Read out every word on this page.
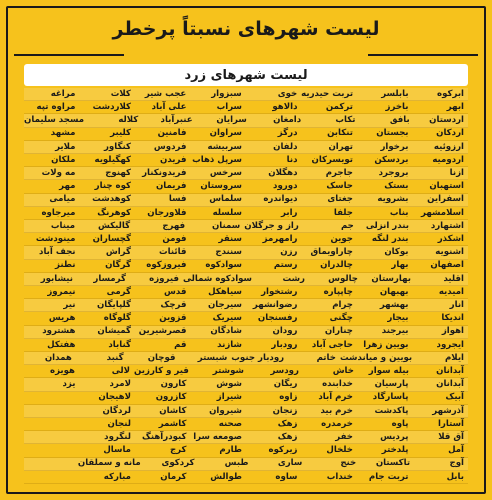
لیست شهرهای نسبتاً پرخطر
لیست شهرهای زرد
ابرکوه
بابلسر
تربت حیدریه
خوی
سبزوار
عجب شیر
کلات
مراغه
ابهر
باخرز
ترکمن
دالاهو
سراب
علی آباد
کلاردشت
مراوه تپه
اردستان
بافق
تکاب
دامغان
سرایان
عنبرآباد
کلاله
مسجد سلیمان
اردکان
بجستان
تنکابن
درگز
سراوان
فامنین
کلیبر
مشهد
ارزوئیه
برخوار
تهران
دلفان
سربیشه
فردوس
کنگاور
ملایر
اردومیه
بردسکن
تویسرکان
دنا
سرپل ذهاب
فریدن
کهگیلویه
ملکان
ازنا
بروجرد
جاجرم
دهگلان
سرخس
فریدونکنار
کهنوج
مه ولات
استهبان
بستک
جاسک
دورود
سروستان
فریمان
کوه چنار
مهر
اسفراین
بشرویه
جغتای
دیواندره
سلماس
فسا
کوهدشت
میامی
اسلامشهر
بناب
جلفا
رابر
سلسله
فلاورجان
کوهرنگ
میرجاوه
اشتهارد
بندر انزلی
جم
راز و جرگلان
سمنان
فهرج
گالیکش
میناب
اشکذر
بندر لنگه
جوین
رامهرمز
سنقر
فومن
گچساران
مینودشت
اشنویه
بوکان
چاراویماق
رزن
سنندج
قائنات
گراش
نجف آباد
اصفهان
بهار
چالدران
رستم
سوادکوه
فیروزکوه
گرگان
نطنز
اقلید
بهارستان
چالوس
رشت
سوادکوه شمالی
فیروزه
گرمسار
نیشابور
امیدیه
بهبهان
چاپپاره
رشتخوار
سیاهکل
قدس
گرمی
نیمروز
انار
بهشهر
چرام
رضوانشهر
سیرجان
قرچک
گلپایگان
نیر
اندیکا
بیجار
چگنی
رفسنجان
سیریک
قزوین
گلوگاه
هریس
اهواز
بیرجند
چناران
رودان
شادگان
قصرشیرین
گمیشان
هشترود
ایجرود
بویین زهرا
حاجی آباد
رودبار
شازند
قم
گناباد
هفتکل
ایلام
بویین و میاندشت
خاتم
رودبار جنوب
شبستر
قوچان
گنبد
همدان
آبدانان
بیله سوار
خاش
رودسر
شوشتر
قیر و کارزین
لالی
هویزه
آبدانان
پارسیان
خدابنده
ریگان
شوش
کارون
لامرد
یزد
آبیک
پاسارگاد
خرم آباد
زاوه
شیراز
کازرون
لاهیجان
آذرشهر
پاکدشت
خرم بید
زنجان
شیروان
کاشان
لردگان
آستارا
پاوه
خرمدره
زهک
صحنه
کاشمر
لنجان
آق قلا
پردیس
خفر
زهک
صومعه سرا
کبودرآهنگ
لنگرود
آمل
پلدختر
خلخال
زیرکوه
طارم
کرج
ماسال
آوج
تاکستان
خنج
ساری
طبس
کردکوی
مانه و سملقان
بابل
تربت جام
خنداب
ساوه
طوالش
کرمان
مبارکه
